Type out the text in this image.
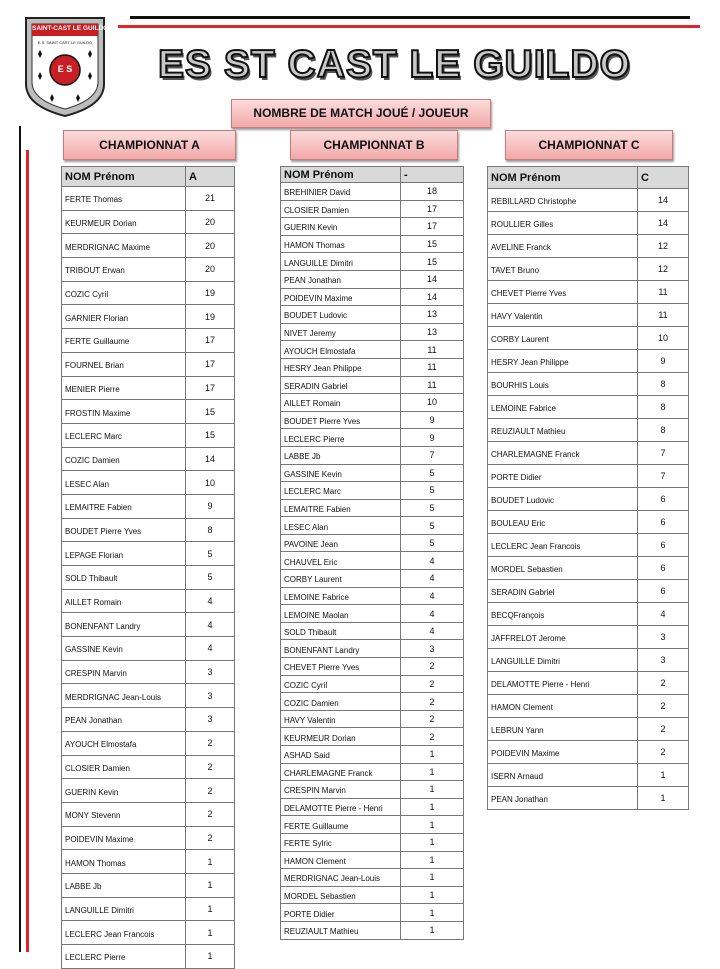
SAINT-CAST LE GUILDO
E.S. SAINT CAST LE GUILDO
E S ES ST CAST LE GUILDO
NOMBRE DE MATCH JOUÉ / JOUEUR
CHAMPIONNAT A
NOM Prénom	A
FERTE Thomas	21
KEURMEUR Dorian	20
MERDRIGNAC Maxime	20
TRIBOUT Erwan	20
COZIC Cyril	19
GARNIER Florian	19
FERTE Guillaume	17
FOURNEL Brian	17
MENIER Pierre	17
FROSTIN Maxime	15
LECLERC Marc	15
COZIC Damien	14
LESEC Alan	10
LEMAITRE Fabien	9
BOUDET Pierre Yves	8
LEPAGE Florian	5
SOLD Thibault	5
AILLET Romain	4
BONENFANT Landry	4
GASSINE Kevin	4
CRESPIN Marvin	3
MERDRIGNAC Jean-Louis	3
PEAN Jonathan	3
AYOUCH Elmostafa	2
CLOSIER Damien	2
GUERIN Kevin	2
MONY Stevenn	2
POIDEVIN Maxime	2
HAMON Thomas	1
LABBE Jb	1
LANGUILLE Dimitri	1
LECLERC Jean Francois	1
LECLERC Pierre	1
CHAMPIONNAT B
NOM Prénom	-
BREHINIER David	18
CLOSIER Damien	17
GUERIN Kevin	17
HAMON Thomas	15
LANGUILLE Dimitri	15
PEAN Jonathan	14
POIDEVIN Maxime	14
BOUDET Ludovic	13
NIVET Jeremy	13
AYOUCH Elmostafa	11
HESRY Jean Philippe	11
SERADIN Gabriel	11
AILLET Romain	10
BOUDET Pierre Yves	9
LECLERC Pierre	9
LABBE Jb	7
GASSINE Kevin	5
LECLERC Marc	5
LEMAITRE Fabien	5
LESEC Alan	5
PAVOINE Jean	5
CHAUVEL Eric	4
CORBY Laurent	4
LEMOINE Fabrice	4
LEMOINE Maolan	4
SOLD Thibault	4
BONENFANT Landry	3
CHEVET Pierre Yves	2
COZIC Cyril	2
COZIC Damien	2
HAVY Valentin	2
KEURMEUR Dorian	2
ASHAD Said	1
CHARLEMAGNE Franck	1
CRESPIN Marvin	1
DELAMOTTE Pierre - Henri	1
FERTE Guillaume	1
FERTE Sylric	1
HAMON Clement	1
MERDRIGNAC Jean-Louis	1
MORDEL Sebastien	1
PORTE Didier	1
REUZIAULT Mathieu	1
CHAMPIONNAT C
NOM Prénom	C
REBILLARD Christophe	14
ROULLIER Gilles	14
AVELINE Franck	12
TAVET Bruno	12
CHEVET Pierre Yves	11
HAVY Valentin	11
CORBY Laurent	10
HESRY Jean Philippe	9
BOURHIS Louis	8
LEMOINE Fabrice	8
REUZIAULT Mathieu	8
CHARLEMAGNE Franck	7
PORTE Didier	7
BOUDET Ludovic	6
BOULEAU Eric	6
LECLERC Jean Francois	6
MORDEL Sebastien	6
SERADIN Gabriel	6
BECQFrançois	4
JAFFRELOT Jerome	3
LANGUILLE Dimitri	3
DELAMOTTE Pierre - Henri	2
HAMON Clement	2
LEBRUN Yann	2
POIDEVIN Maxime	2
ISERN Arnaud	1
PEAN Jonathan	1
